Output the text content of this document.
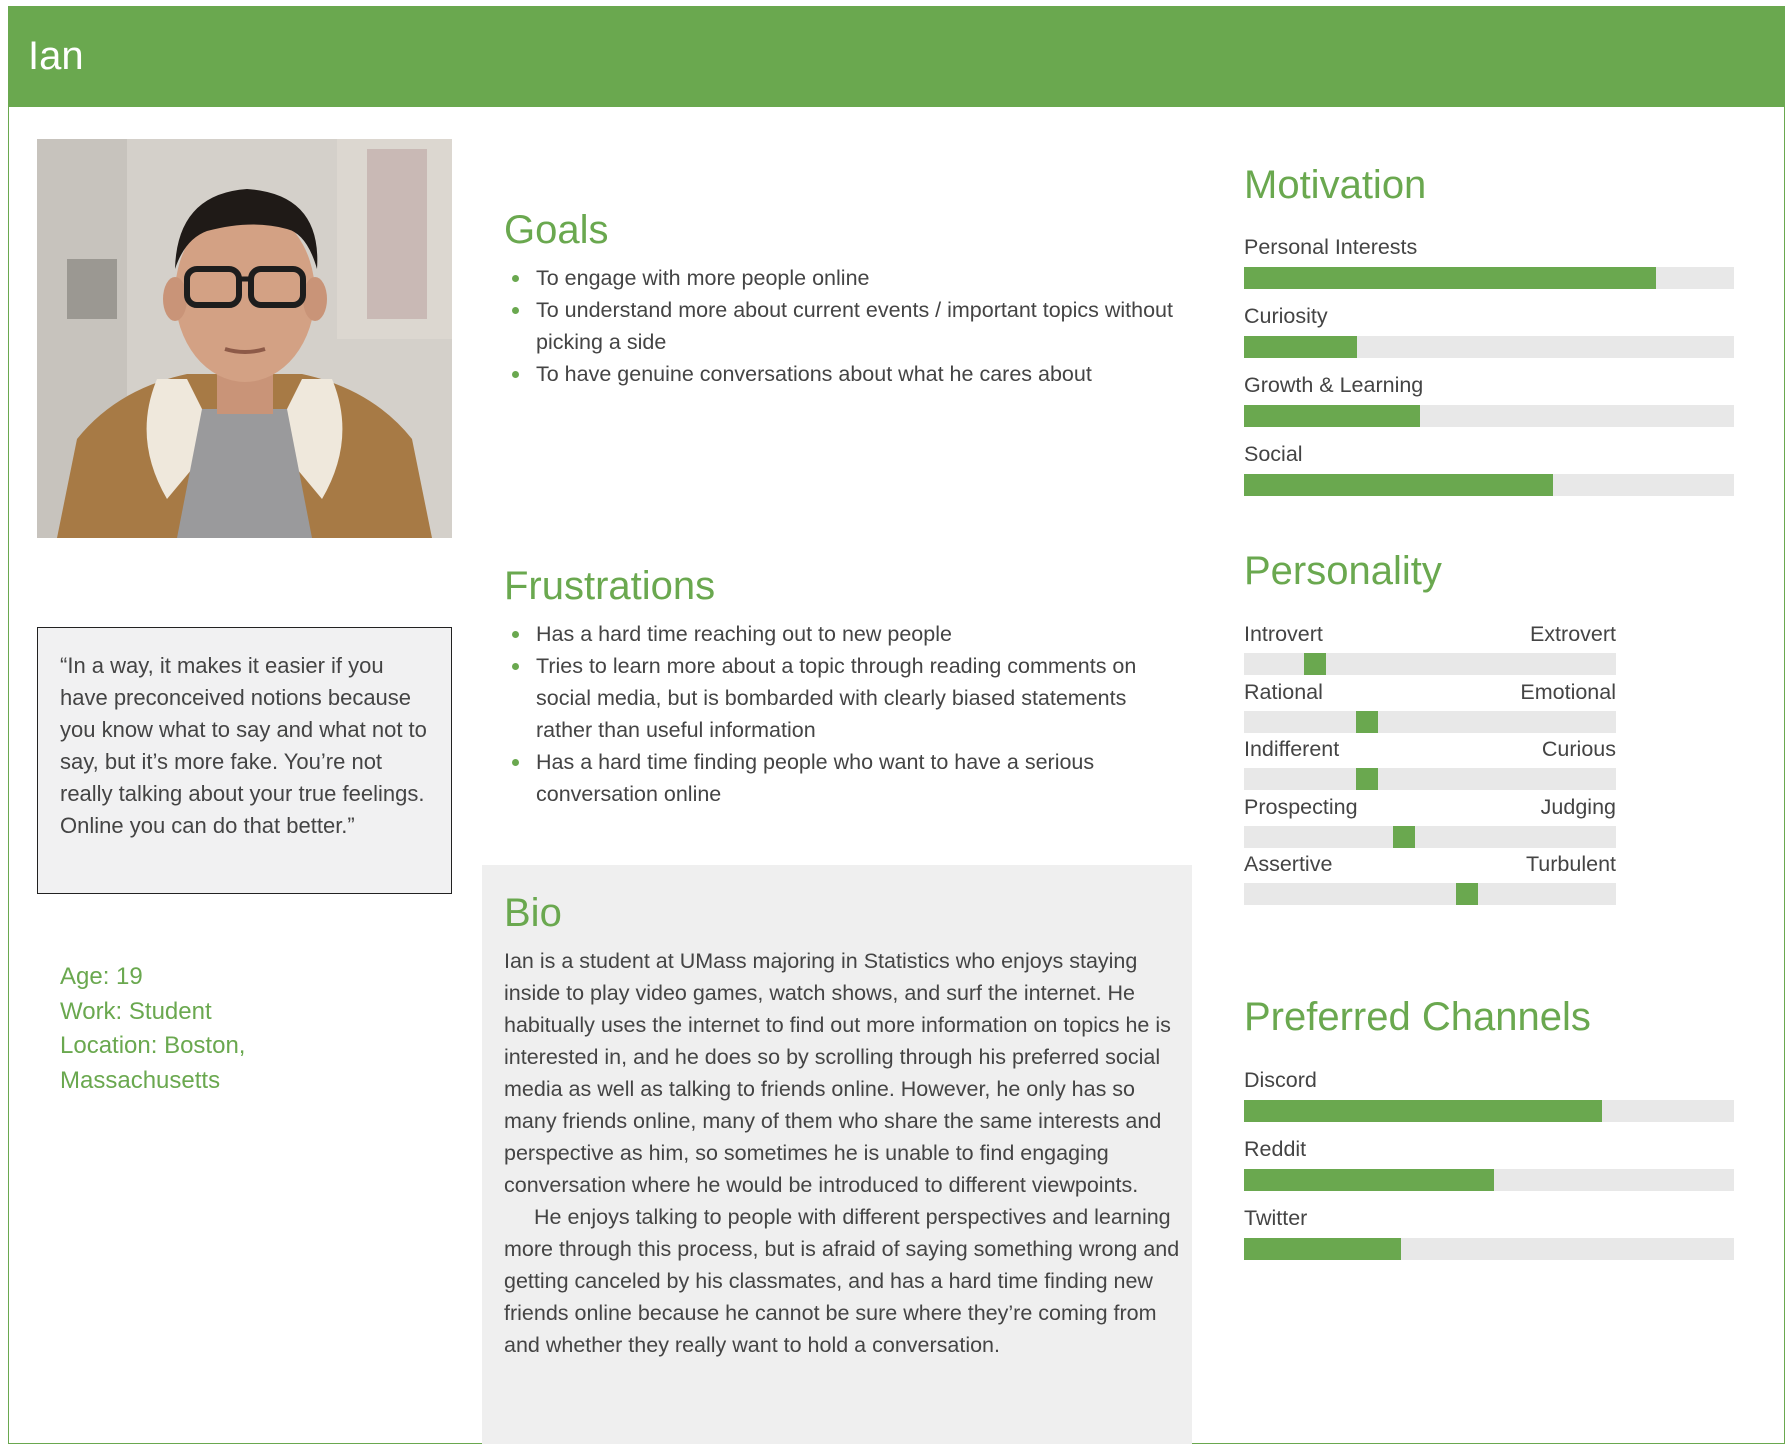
Ian
“In a way, it makes it easier if you have preconceived notions because you know what to say and what not to say, but it’s more fake. You’re not really talking about your true feelings. Online you can do that better.”
Age: 19
Work: Student
Location: Boston,
Massachusetts
Goals
To engage with more people online
To understand more about current events / important topics without picking a side
To have genuine conversations about what he cares about
Frustrations
Has a hard time reaching out to new people
Tries to learn more about a topic through reading comments on social media, but is bombarded with clearly biased statements rather than useful information
Has a hard time finding people who want to have a serious conversation online
Bio

Ian is a student at UMass majoring in Statistics who enjoys staying inside to play video games, watch shows, and surf the internet. He habitually uses the internet to find out more information on topics he is interested in, and he does so by scrolling through his preferred social media as well as talking to friends online. However, he only has so many friends online, many of them who share the same interests and perspective as him, so sometimes he is unable to find engaging conversation where he would be introduced to different viewpoints.

He enjoys talking to people with different perspectives and learning more through this process, but is afraid of saying something wrong and getting canceled by his classmates, and has a hard time finding new friends online because he cannot be sure where they’re coming from and whether they really want to hold a conversation.

Motivation
Personal Interests
Curiosity
Growth & Learning
Social
Personality
Introvert	Extrovert
Rational	Emotional
Indifferent	Curious
Prospecting	Judging
Assertive	Turbulent
Preferred Channels
Discord
Reddit
Twitter
